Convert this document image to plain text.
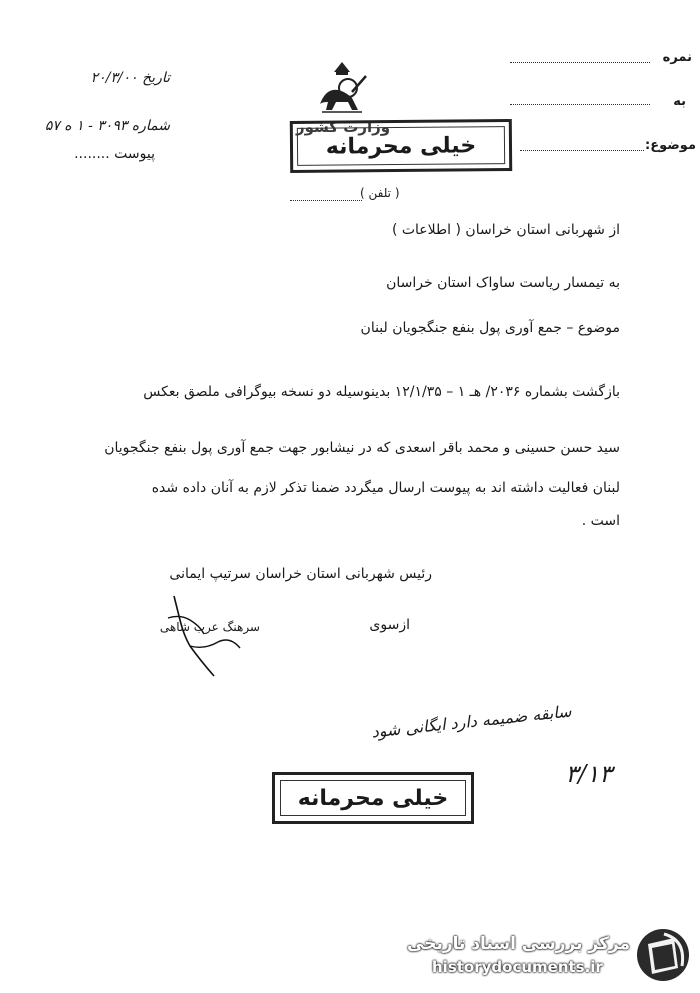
نمره
به
موضوع:
تاریخ ۲۰/۳/۰۰
شماره ۳۰۹۳ - ۱ ه ۵۷
پیوست ........
وزارت کشور
خیلی محرمانه
( تلفن )
از شهربانی استان خراسان ( اطلاعات )
به تیمسار ریاست ساواک استان خراسان
موضوع – جمع آوری پول بنفع جنگجویان لبنان
بازگشت بشماره ۲۰۳۶/ هـ ۱ – ۱۲/۱/۳۵ بدینوسیله دو نسخه بیوگرافی ملصق بعکس
سید حسن حسینی و محمد باقر اسعدی که در نیشابور جهت جمع آوری پول بنفع جنگجویان
لبنان فعالیت داشته اند به پیوست ارسال میگردد ضمنا تذکر لازم به آنان داده شده
است .
رئیس شهربانی استان خراسان سرتیپ ایمانی
ازسوی
سرهنگ عرب شاهی
سابقه ضمیمه دارد ایگانی شود
۳/۱۳
خیلی محرمانه
مرکز بررسی اسناد تاریخی
historydocuments.ir
